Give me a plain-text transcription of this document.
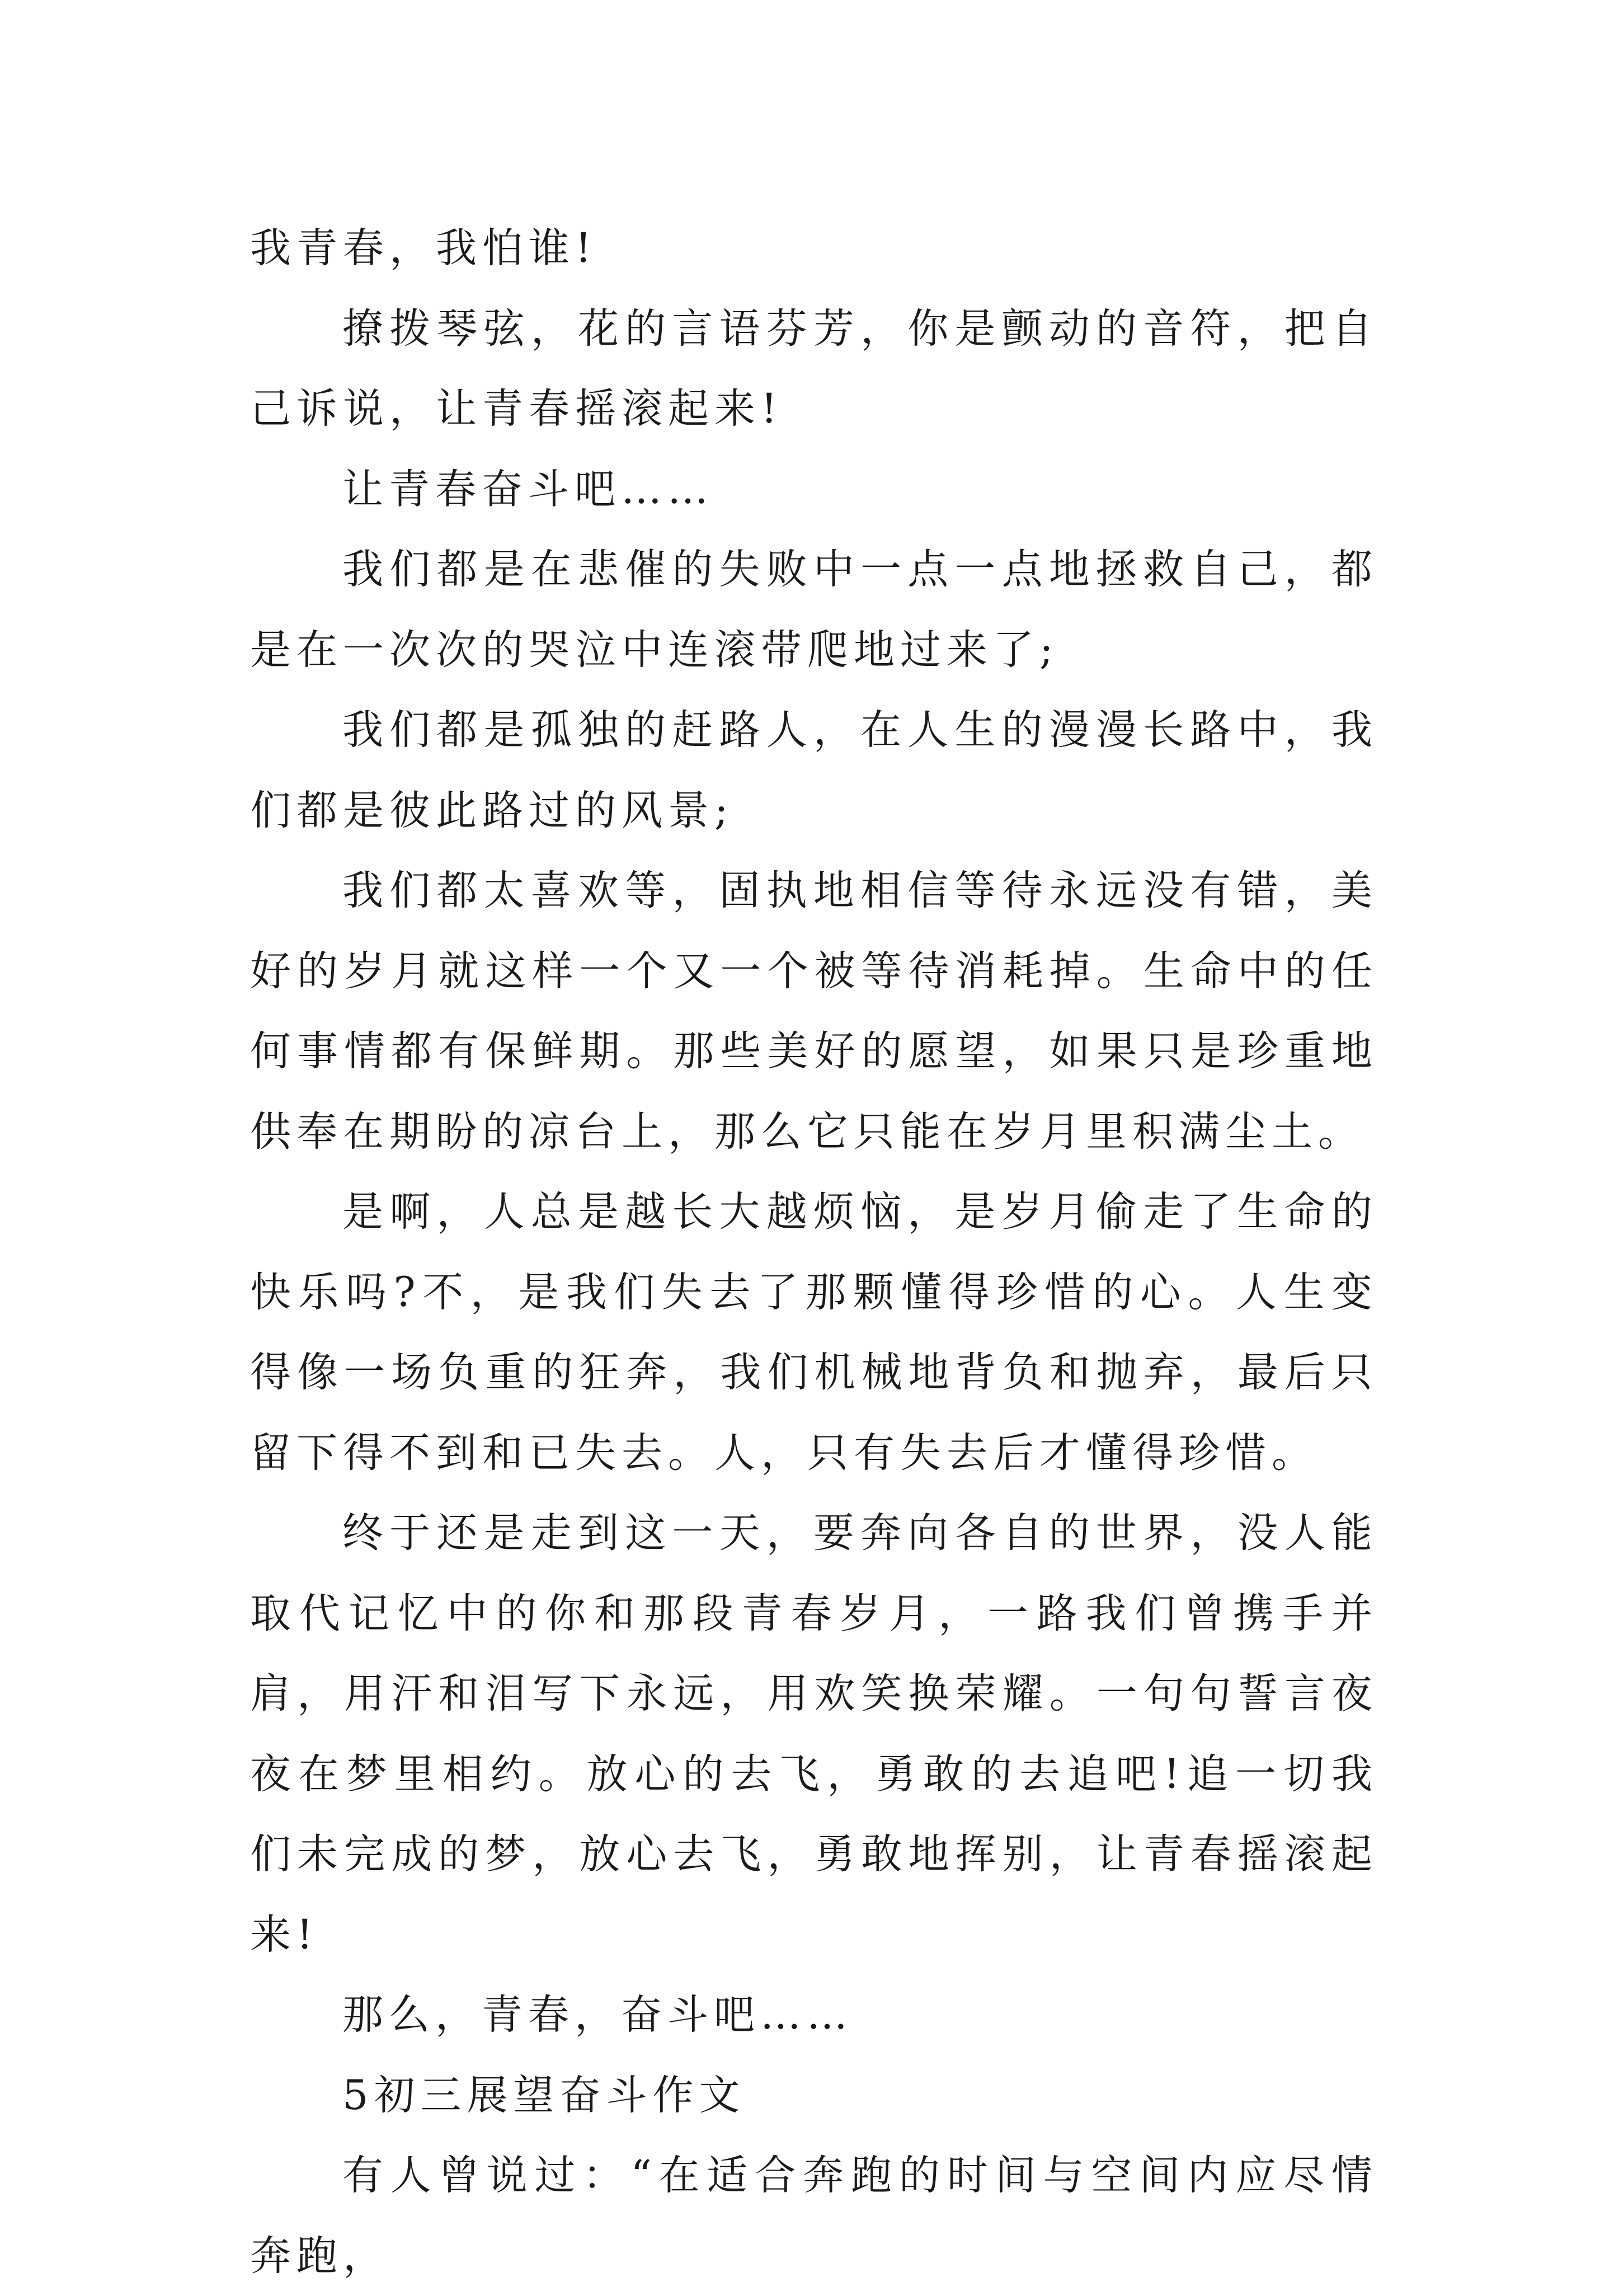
我青春，我怕谁!

撩拨琴弦，花的言语芬芳，你是颤动的音符，把自己诉说，让青春摇滚起来!

让青春奋斗吧……

我们都是在悲催的失败中一点一点地拯救自己，都是在一次次的哭泣中连滚带爬地过来了;

我们都是孤独的赶路人，在人生的漫漫长路中，我们都是彼此路过的风景;

我们都太喜欢等，固执地相信等待永远没有错，美好的岁月就这样一个又一个被等待消耗掉。生命中的任何事情都有保鲜期。那些美好的愿望，如果只是珍重地供奉在期盼的凉台上，那么它只能在岁月里积满尘土。

是啊，人总是越长大越烦恼，是岁月偷走了生命的快乐吗?不，是我们失去了那颗懂得珍惜的心。人生变得像一场负重的狂奔，我们机械地背负和抛弃，最后只留下得不到和已失去。人，只有失去后才懂得珍惜。

终于还是走到这一天，要奔向各自的世界，没人能取代记忆中的你和那段青春岁月，一路我们曾携手并肩，用汗和泪写下永远，用欢笑换荣耀。一句句誓言夜夜在梦里相约。放心的去飞，勇敢的去追吧!追一切我们未完成的梦，放心去飞，勇敢地挥别，让青春摇滚起来!

那么，青春，奋斗吧……

5初三展望奋斗作文

有人曾说过：“在适合奔跑的时间与空间内应尽情奔跑，
